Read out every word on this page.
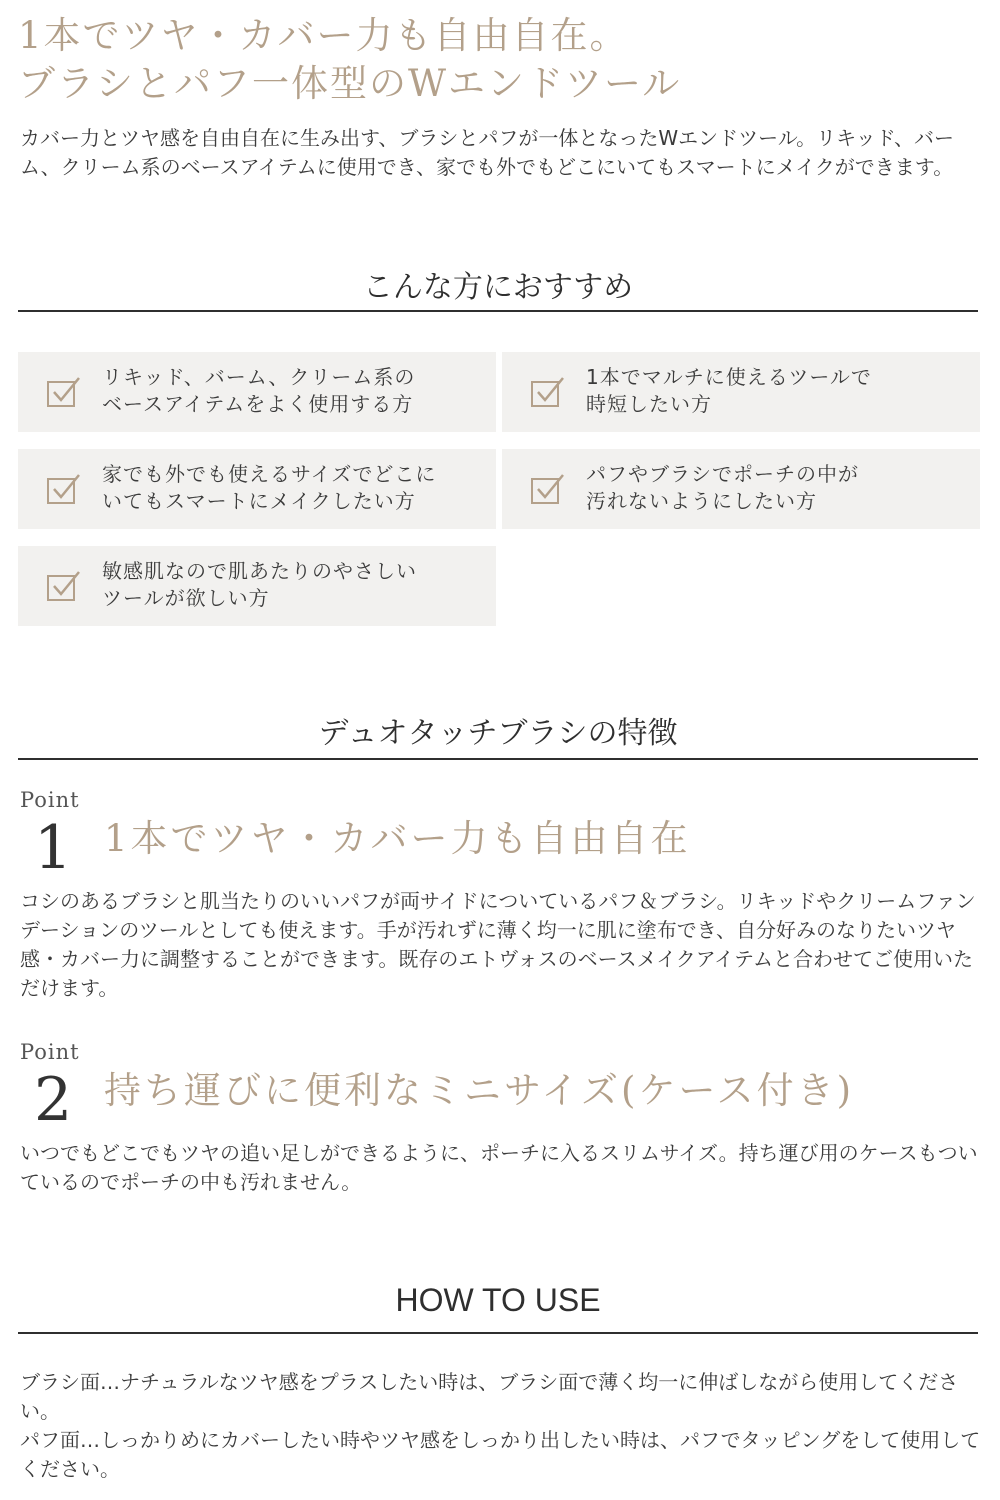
1本でツヤ・カバー力も自由自在。
ブラシとパフ一体型のWエンドツール

カバー力とツヤ感を自由自在に生み出す、ブラシとパフが一体となったWエンドツール。リキッド、バーム、クリーム系のベースアイテムに使用でき、家でも外でもどこにいてもスマートにメイクができます。

こんな方におすすめ
リキッド、バーム、クリーム系の
ベースアイテムをよく使用する方
1本でマルチに使えるツールで
時短したい方
家でも外でも使えるサイズでどこに
いてもスマートにメイクしたい方
パフやブラシでポーチの中が
汚れないようにしたい方
敏感肌なので肌あたりのやさしい
ツールが欲しい方
デュオタッチブラシの特徴
Point
1 1本でツヤ・カバー力も自由自在

コシのあるブラシと肌当たりのいいパフが両サイドについているパフ＆ブラシ。リキッドやクリームファンデーションのツールとしても使えます。手が汚れずに薄く均一に肌に塗布でき、自分好みのなりたいツヤ感・カバー力に調整することができます。既存のエトヴォスのベースメイクアイテムと合わせてご使用いただけます。

Point
2 持ち運びに便利なミニサイズ(ケース付き)

いつでもどこでもツヤの追い足しができるように、ポーチに入るスリムサイズ。持ち運び用のケースもついているのでポーチの中も汚れません。

HOW TO USE

ブラシ面…ナチュラルなツヤ感をプラスしたい時は、ブラシ面で薄く均一に伸ばしながら使用してください。

パフ面…しっかりめにカバーしたい時やツヤ感をしっかり出したい時は、パフでタッピングをして使用してください。
